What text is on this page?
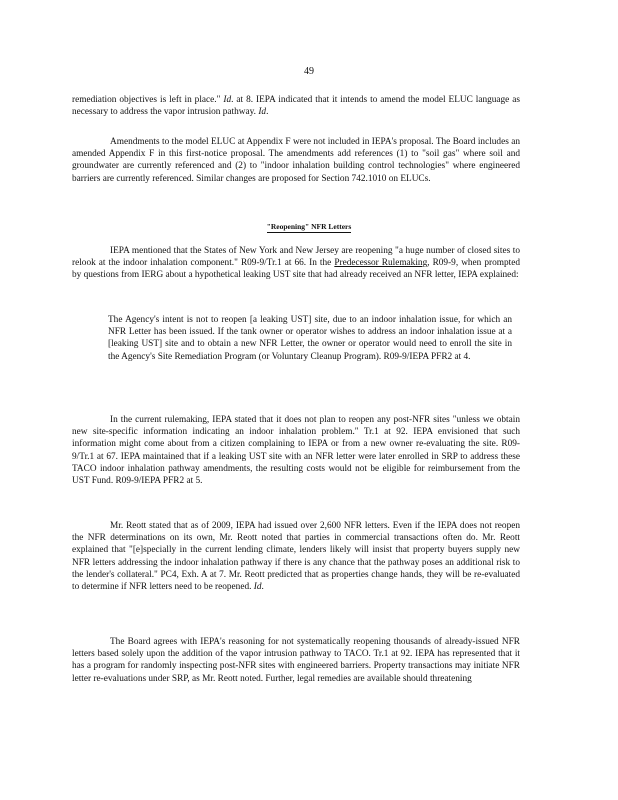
49

remediation objectives is left in place." Id. at 8. IEPA indicated that it intends to amend the model ELUC language as necessary to address the vapor intrusion pathway. Id.

Amendments to the model ELUC at Appendix F were not included in IEPA's proposal. The Board includes an amended Appendix F in this first-notice proposal. The amendments add references (1) to "soil gas" where soil and groundwater are currently referenced and (2) to "indoor inhalation building control technologies" where engineered barriers are currently referenced. Similar changes are proposed for Section 742.1010 on ELUCs.

"Reopening" NFR Letters

IEPA mentioned that the States of New York and New Jersey are reopening "a huge number of closed sites to relook at the indoor inhalation component." R09-9/Tr.1 at 66. In the Predecessor Rulemaking, R09-9, when prompted by questions from IERG about a hypothetical leaking UST site that had already received an NFR letter, IEPA explained:

The Agency's intent is not to reopen [a leaking UST] site, due to an indoor inhalation issue, for which an NFR Letter has been issued. If the tank owner or operator wishes to address an indoor inhalation issue at a [leaking UST] site and to obtain a new NFR Letter, the owner or operator would need to enroll the site in the Agency's Site Remediation Program (or Voluntary Cleanup Program). R09-9/IEPA PFR2 at 4.

In the current rulemaking, IEPA stated that it does not plan to reopen any post-NFR sites "unless we obtain new site-specific information indicating an indoor inhalation problem." Tr.1 at 92. IEPA envisioned that such information might come about from a citizen complaining to IEPA or from a new owner re-evaluating the site. R09-9/Tr.1 at 67. IEPA maintained that if a leaking UST site with an NFR letter were later enrolled in SRP to address these TACO indoor inhalation pathway amendments, the resulting costs would not be eligible for reimbursement from the UST Fund. R09-9/IEPA PFR2 at 5.

Mr. Reott stated that as of 2009, IEPA had issued over 2,600 NFR letters. Even if the IEPA does not reopen the NFR determinations on its own, Mr. Reott noted that parties in commercial transactions often do. Mr. Reott explained that "[e]specially in the current lending climate, lenders likely will insist that property buyers supply new NFR letters addressing the indoor inhalation pathway if there is any chance that the pathway poses an additional risk to the lender's collateral." PC4, Exh. A at 7. Mr. Reott predicted that as properties change hands, they will be re-evaluated to determine if NFR letters need to be reopened. Id.

The Board agrees with IEPA's reasoning for not systematically reopening thousands of already-issued NFR letters based solely upon the addition of the vapor intrusion pathway to TACO. Tr.1 at 92. IEPA has represented that it has a program for randomly inspecting post-NFR sites with engineered barriers. Property transactions may initiate NFR letter re-evaluations under SRP, as Mr. Reott noted. Further, legal remedies are available should threatening
